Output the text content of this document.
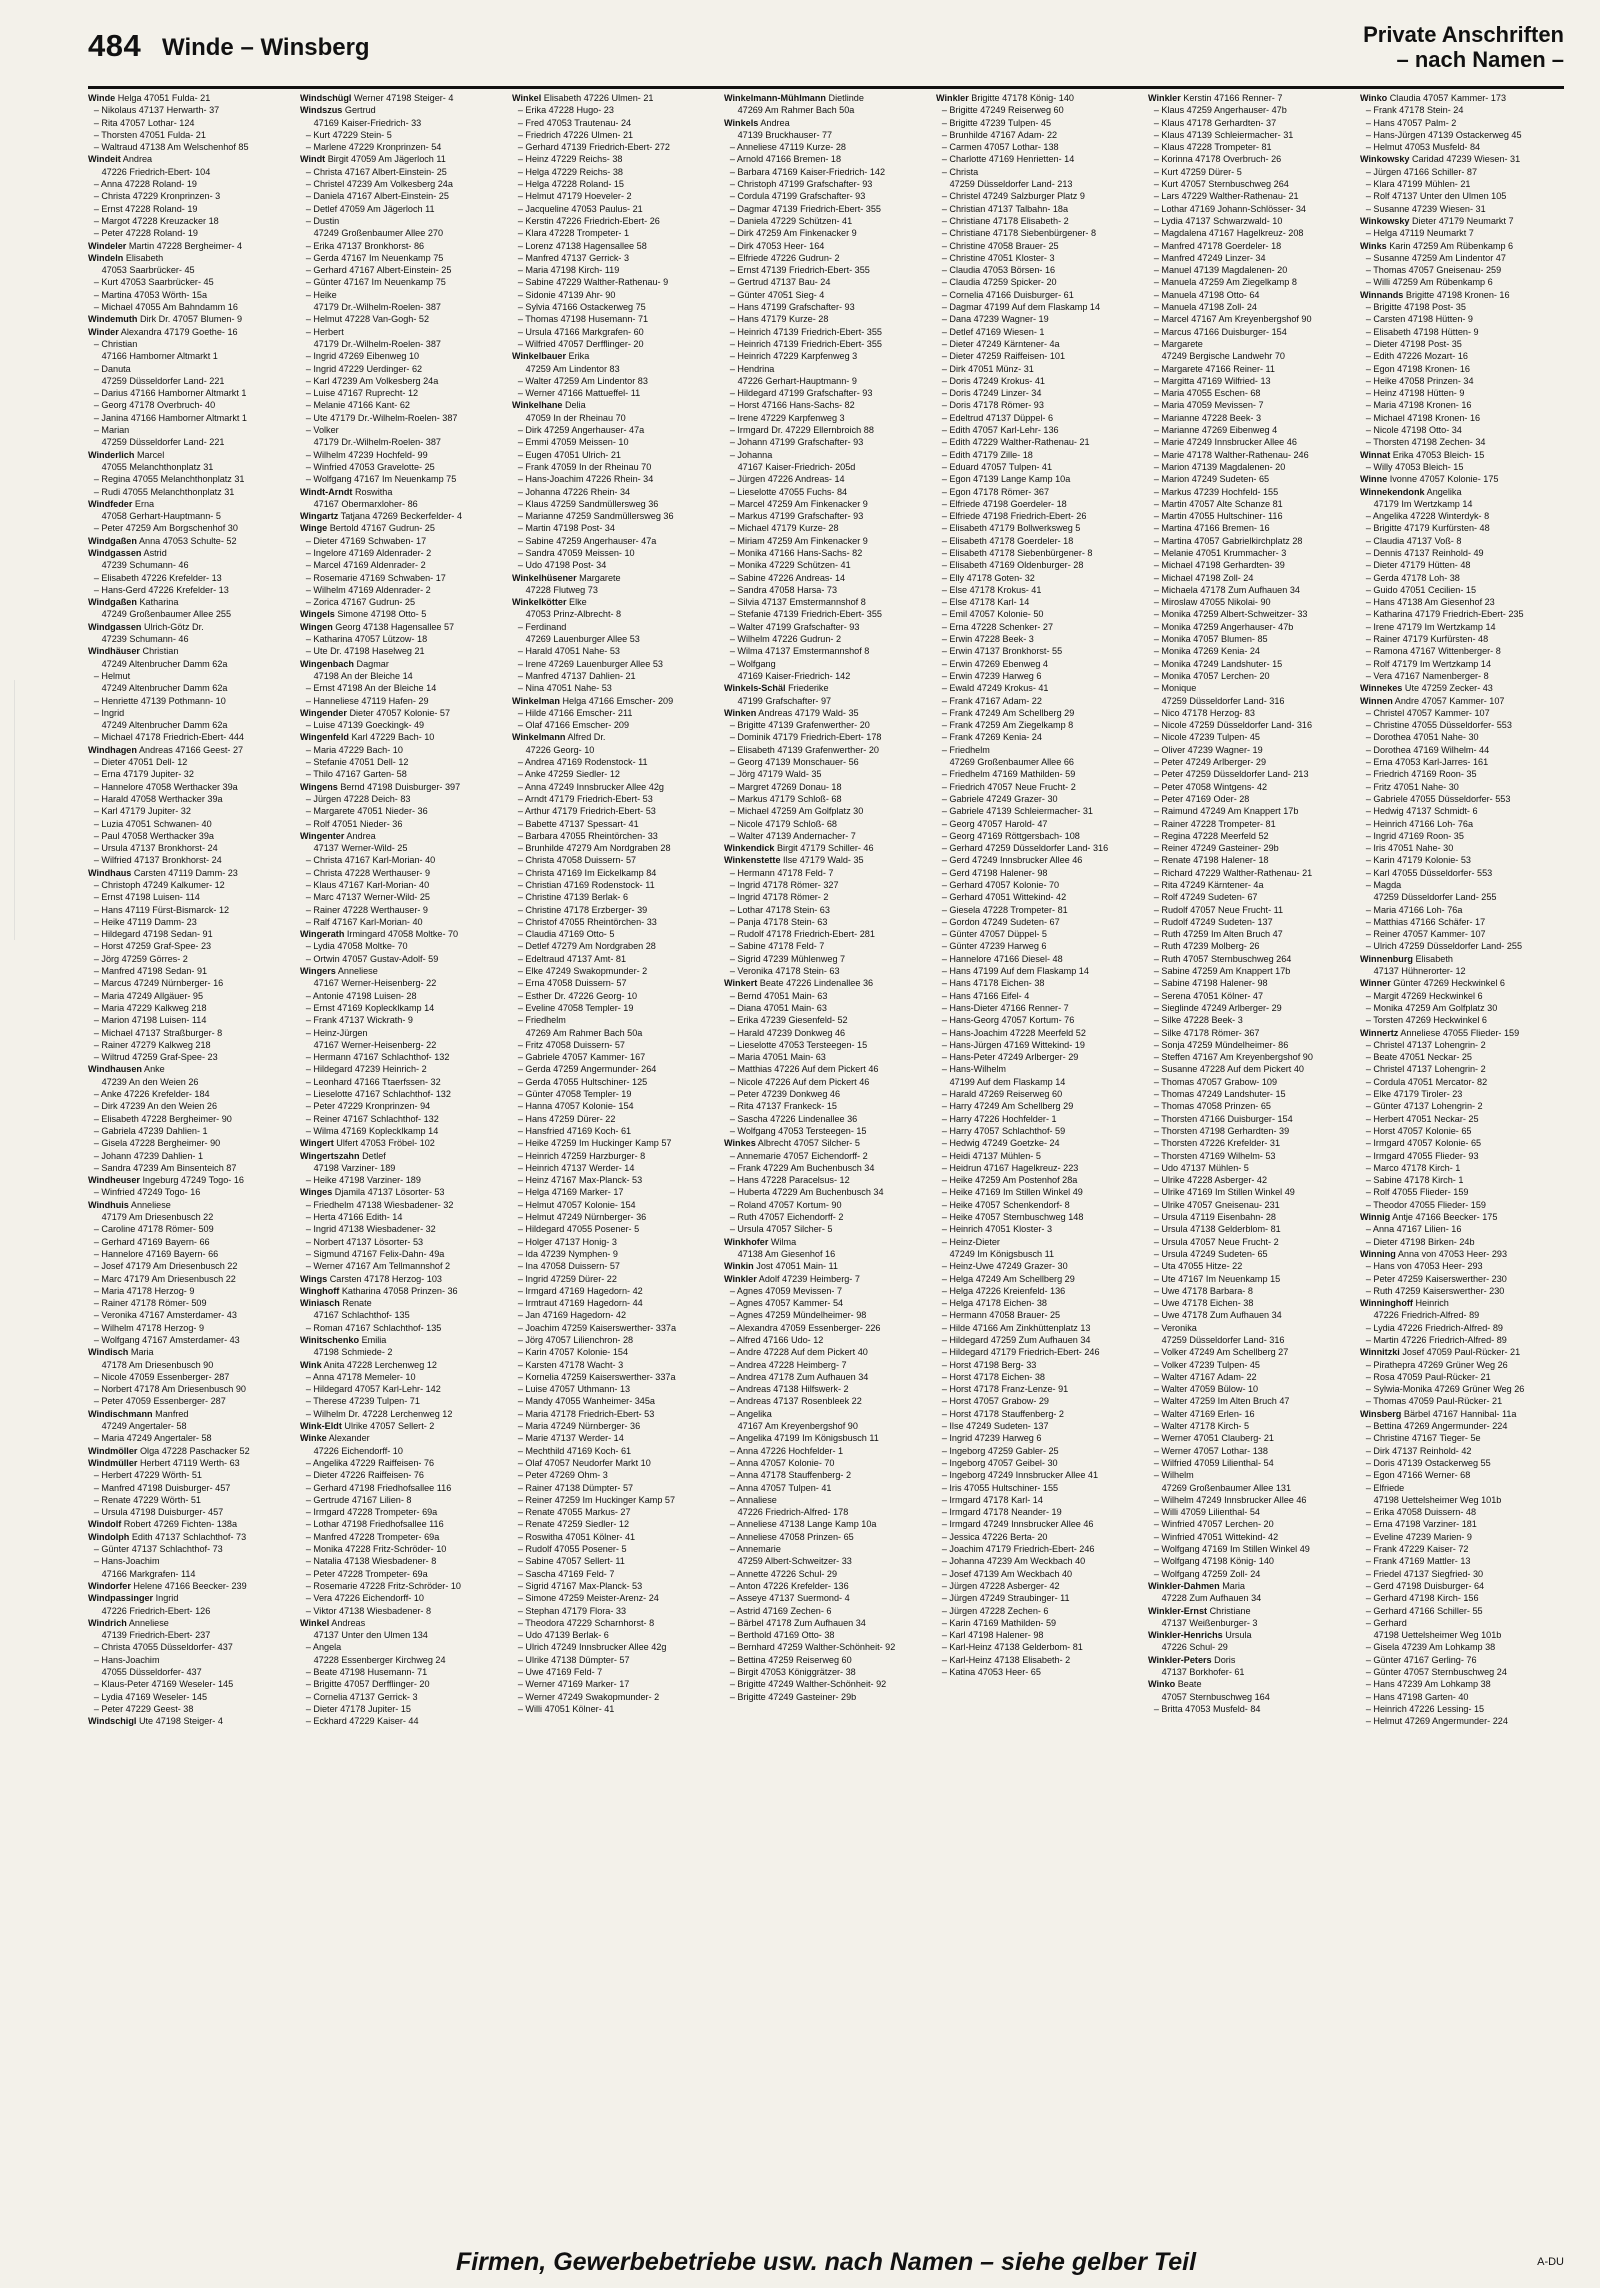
484 Winde – Winsberg	Private Anschriften
– nach Namen –
Winde Helga 47051 Fulda- 21
– Nikolaus 47137 Herwarth- 37
– Rita 47057 Lothar- 124
– Thorsten 47051 Fulda- 21
– Waltraud 47138 Am Welschenhof 85
Windeit Andrea
47226 Friedrich-Ebert- 104
– Anna 47228 Roland- 19
– Christa 47229 Kronprinzen- 3
– Ernst 47228 Roland- 19
– Margot 47228 Kreuzacker 18
– Peter 47228 Roland- 19
Windeler Martin 47228 Bergheimer- 4
Windeln Elisabeth
47053 Saarbrücker- 45
– Kurt 47053 Saarbrücker- 45
– Martina 47053 Wörth- 15a
– Michael 47055 Am Bahndamm 16
Windemuth Dirk Dr. 47057 Blumen- 9
Winder Alexandra 47179 Goethe- 16
– Christian
47166 Hamborner Altmarkt 1
– Danuta
47259 Düsseldorfer Land- 221
– Darius 47166 Hamborner Altmarkt 1
– Georg 47178 Overbruch- 40
– Janina 47166 Hamborner Altmarkt 1
– Marian
47259 Düsseldorfer Land- 221
Winderlich Marcel
47055 Melanchthonplatz 31
– Regina 47055 Melanchthonplatz 31
– Rudi 47055 Melanchthonplatz 31
Windfeder Erna
47058 Gerhart-Hauptmann- 5
– Peter 47259 Am Borgschenhof 30
Windgaßen Anna 47053 Schulte- 52
Windgassen Astrid
47239 Schumann- 46
– Elisabeth 47226 Krefelder- 13
– Hans-Gerd 47226 Krefelder- 13
Windgaßen Katharina
47249 Großenbaumer Allee 255
Windgassen Ulrich-Götz Dr.
47239 Schumann- 46
Windhäuser Christian
47249 Altenbrucher Damm 62a
– Helmut
47249 Altenbrucher Damm 62a
– Henriette 47139 Pothmann- 10
– Ingrid
47249 Altenbrucher Damm 62a
– Michael 47178 Friedrich-Ebert- 444
Windhagen Andreas 47166 Geest- 27
– Dieter 47051 Dell- 12
– Erna 47179 Jupiter- 32
– Hannelore 47058 Werthacker 39a
– Harald 47058 Werthacker 39a
– Karl 47179 Jupiter- 32
– Luzia 47051 Schwanen- 40
– Paul 47058 Werthacker 39a
– Ursula 47137 Bronkhorst- 24
– Wilfried 47137 Bronkhorst- 24
Windhaus Carsten 47119 Damm- 23
– Christoph 47249 Kalkumer- 12
– Ernst 47198 Luisen- 114
– Hans 47119 Fürst-Bismarck- 12
– Heike 47119 Damm- 23
– Hildegard 47198 Sedan- 91
– Horst 47259 Graf-Spee- 23
– Jörg 47259 Görres- 2
– Manfred 47198 Sedan- 91
– Marcus 47249 Nürnberger- 16
– Maria 47249 Allgäuer- 95
– Maria 47229 Kalkweg 218
– Marion 47198 Luisen- 114
– Michael 47137 Straßburger- 8
– Rainer 47279 Kalkweg 218
– Wiltrud 47259 Graf-Spee- 23
Windhausen Anke
47239 An den Weien 26
– Anke 47226 Krefelder- 184
– Dirk 47239 An den Weien 26
– Elisabeth 47228 Bergheimer- 90
– Gabriela 47239 Dahlien- 1
– Gisela 47228 Bergheimer- 90
– Johann 47239 Dahlien- 1
– Sandra 47239 Am Binsenteich 87
Windheuser Ingeburg 47249 Togo- 16
– Winfried 47249 Togo- 16
Windhuis Anneliese
47179 Am Driesenbusch 22
– Caroline 47178 Römer- 509
– Gerhard 47169 Bayern- 66
– Hannelore 47169 Bayern- 66
– Josef 47179 Am Driesenbusch 22
– Marc 47179 Am Driesenbusch 22
– Maria 47178 Herzog- 9
– Rainer 47178 Römer- 509
– Veronika 47167 Amsterdamer- 43
– Wilhelm 47178 Herzog- 9
– Wolfgang 47167 Amsterdamer- 43
Windisch Maria
47178 Am Driesenbusch 90
– Nicole 47059 Essenberger- 287
– Norbert 47178 Am Driesenbusch 90
– Peter 47059 Essenberger- 287
Windischmann Manfred
47249 Angertaler- 58
– Maria 47249 Angertaler- 58
Windmöller Olga 47228 Paschacker 52
Windmüller Herbert 47119 Werth- 63
– Herbert 47229 Wörth- 51
– Manfred 47198 Duisburger- 457
– Renate 47229 Wörth- 51
– Ursula 47198 Duisburger- 457
Windolf Robert 47269 Fichten- 138a
Windolph Edith 47137 Schlachthof- 73
– Günter 47137 Schlachthof- 73
– Hans-Joachim
47166 Markgrafen- 114
Windorfer Helene 47166 Beecker- 239
Windpassinger Ingrid
47226 Friedrich-Ebert- 126
Windrich Anneliese
47139 Friedrich-Ebert- 237
– Christa 47055 Düsseldorfer- 437
– Hans-Joachim
47055 Düsseldorfer- 437
– Klaus-Peter 47169 Weseler- 145
– Lydia 47169 Weseler- 145
– Peter 47229 Geest- 38
Windschigl Ute 47198 Steiger- 4
Windschügl Werner 47198 Steiger- 4
Windszus Gertrud
47169 Kaiser-Friedrich- 33
– Kurt 47229 Stein- 5
– Marlene 47229 Kronprinzen- 54
Windt Birgit 47059 Am Jägerloch 11
– Christa 47167 Albert-Einstein- 25
– Christel 47239 Am Volkesberg 24a
– Daniela 47167 Albert-Einstein- 25
– Detlef 47059 Am Jägerloch 11
– Dustin
47249 Großenbaumer Allee 270
– Erika 47137 Bronkhorst- 86
– Gerda 47167 Im Neuenkamp 75
– Gerhard 47167 Albert-Einstein- 25
– Günter 47167 Im Neuenkamp 75
– Heike
47179 Dr.-Wilhelm-Roelen- 387
– Helmut 47228 Van-Gogh- 52
– Herbert
47179 Dr.-Wilhelm-Roelen- 387
– Ingrid 47269 Eibenweg 10
– Ingrid 47229 Uerdinger- 62
– Karl 47239 Am Volkesberg 24a
– Luise 47167 Ruprecht- 12
– Melanie 47166 Kant- 62
– Ute 47179 Dr.-Wilhelm-Roelen- 387
– Volker
47179 Dr.-Wilhelm-Roelen- 387
– Wilhelm 47239 Hochfeld- 99
– Winfried 47053 Gravelotte- 25
– Wolfgang 47167 Im Neuenkamp 75
Windt-Arndt Roswitha
47167 Obermarxloher- 86
Wingartz Tatjana 47269 Beckerfelder- 4
Winge Bertold 47167 Gudrun- 25
– Dieter 47169 Schwaben- 17
– Ingelore 47169 Aldenrader- 2
– Marcel 47169 Aldenrader- 2
– Rosemarie 47169 Schwaben- 17
– Wilhelm 47169 Aldenrader- 2
– Zorica 47167 Gudrun- 25
Wingels Simone 47198 Otto- 5
Wingen Georg 47138 Hagensallee 57
– Katharina 47057 Lützow- 18
– Ute Dr. 47198 Haselweg 21
Wingenbach Dagmar
47198 An der Bleiche 14
– Ernst 47198 An der Bleiche 14
– Hanneliese 47119 Hafen- 29
Wingender Dieter 47057 Kolonie- 57
– Luise 47139 Goeckingk- 49
Wingenfeld Karl 47229 Bach- 10
– Maria 47229 Bach- 10
– Stefanie 47051 Dell- 12
– Thilo 47167 Garten- 58
Wingens Bernd 47198 Duisburger- 397
– Jürgen 47228 Deich- 83
– Margarete 47051 Nieder- 36
– Rolf 47051 Nieder- 36
Wingenter Andrea
47137 Werner-Wild- 25
– Christa 47167 Karl-Morian- 40
– Christa 47228 Werthauser- 9
– Klaus 47167 Karl-Morian- 40
– Marc 47137 Werner-Wild- 25
– Rainer 47228 Werthauser- 9
– Ralf 47167 Karl-Morian- 40
Wingerath Irmingard 47058 Moltke- 70
– Lydia 47058 Moltke- 70
– Ortwin 47057 Gustav-Adolf- 59
Wingers Anneliese
47167 Werner-Heisenberg- 22
– Antonie 47198 Luisen- 28
– Ernst 47169 Koplecklkamp 14
– Frank 47137 Wickrath- 9
– Heinz-Jürgen
47167 Werner-Heisenberg- 22
– Hermann 47167 Schlachthof- 132
– Hildegard 47239 Heinrich- 2
– Leonhard 47166 Ttaerfssen- 32
– Lieselotte 47167 Schlachthof- 132
– Peter 47229 Kronprinzen- 94
– Reiner 47167 Schlachthof- 132
– Wilma 47169 Koplecklkamp 14
Wingert Ulfert 47053 Fröbel- 102
Wingertszahn Detlef
47198 Varziner- 189
– Heike 47198 Varziner- 189
Winges Djamila 47137 Lösorter- 53
– Friedhelm 47138 Wiesbadener- 32
– Herta 47166 Edith- 14
– Ingrid 47138 Wiesbadener- 32
– Norbert 47137 Lösorter- 53
– Sigmund 47167 Felix-Dahn- 49a
– Werner 47167 Am Tellmannshof 2
Wings Carsten 47178 Herzog- 103
Winghoff Katharina 47058 Prinzen- 36
Winiasch Renate
47167 Schlachthof- 135
– Roman 47167 Schlachthof- 135
Winitschenko Emilia
47198 Schmiede- 2
Wink Anita 47228 Lerchenweg 12
– Anna 47178 Memeler- 10
– Hildegard 47057 Karl-Lehr- 142
– Therese 47239 Tulpen- 71
– Wilhelm Dr. 47228 Lerchenweg 12
Wink-Eldt Ulrike 47057 Sellert- 2
Winke Alexander
47226 Eichendorff- 10
– Angelika 47229 Raiffeisen- 76
– Dieter 47226 Raiffeisen- 76
– Gerhard 47198 Friedhofsallee 116
– Gertrude 47167 Lilien- 8
– Irmgard 47228 Trompeter- 69a
– Lothar 47198 Friedhofsallee 116
– Manfred 47228 Trompeter- 69a
– Monika 47228 Fritz-Schröder- 10
– Natalia 47138 Wiesbadener- 8
– Peter 47228 Trompeter- 69a
– Rosemarie 47228 Fritz-Schröder- 10
– Vera 47226 Eichendorff- 10
– Viktor 47138 Wiesbadener- 8
Winkel Andreas
47137 Unter den Ulmen 134
– Angela
47228 Essenberger Kirchweg 24
– Beate 47198 Husemann- 71
– Brigitte 47057 Derfflinger- 20
– Cornelia 47137 Gerrick- 3
– Dieter 47178 Jupiter- 15
– Eckhard 47229 Kaiser- 44
Winkel Elisabeth 47226 Ulmen- 21
– Erika 47228 Hugo- 23
– Fred 47053 Trautenau- 24
– Friedrich 47226 Ulmen- 21
– Gerhard 47139 Friedrich-Ebert- 272
– Heinz 47229 Reichs- 38
– Helga 47229 Reichs- 38
– Helga 47228 Roland- 15
– Helmut 47179 Hoeveler- 2
– Jacqueline 47053 Paulus- 21
– Kerstin 47226 Friedrich-Ebert- 26
– Klara 47228 Trompeter- 1
– Lorenz 47138 Hagensallee 58
– Manfred 47137 Gerrick- 3
– Maria 47198 Kirch- 119
– Sabine 47229 Walther-Rathenau- 9
– Sidonie 47139 Ahr- 90
– Sylvia 47166 Ostackerweg 75
– Thomas 47198 Husemann- 71
– Ursula 47166 Markgrafen- 60
– Wilfried 47057 Derfflinger- 20
Winkelbauer Erika
47259 Am Lindentor 83
– Walter 47259 Am Lindentor 83
– Werner 47166 Mattueffel- 11
Winkelhane Delia
47059 In der Rheinau 70
– Dirk 47259 Angerhauser- 47a
– Emmi 47059 Meissen- 10
– Eugen 47051 Ulrich- 21
– Frank 47059 In der Rheinau 70
– Hans-Joachim 47226 Rhein- 34
– Johanna 47226 Rhein- 34
– Klaus 47259 Sandmüllersweg 36
– Marianne 47259 Sandmüllersweg 36
– Martin 47198 Post- 34
– Sabine 47259 Angerhauser- 47a
– Sandra 47059 Meissen- 10
– Udo 47198 Post- 34
Winkelhüsener Margarete
47228 Flutweg 73
Winkelkötter Elke
47053 Prinz-Albrecht- 8
– Ferdinand
47269 Lauenburger Allee 53
– Harald 47051 Nahe- 53
– Irene 47269 Lauenburger Allee 53
– Manfred 47137 Dahlien- 21
– Nina 47051 Nahe- 53
Winkelman Helga 47166 Emscher- 209
– Hilde 47166 Emscher- 211
– Olaf 47166 Emscher- 209
Winkelmann Alfred Dr.
47226 Georg- 10
– Andrea 47169 Rodenstock- 11
– Anke 47259 Siedler- 12
– Anna 47249 Innsbrucker Allee 42g
– Arndt 47179 Friedrich-Ebert- 53
– Arthur 47179 Friedrich-Ebert- 53
– Babette 47137 Spessart- 41
– Barbara 47055 Rheintörchen- 33
– Brunhilde 47279 Am Nordgraben 28
– Christa 47058 Duissern- 57
– Christa 47169 Im Eickelkamp 84
– Christian 47169 Rodenstock- 11
– Christine 47139 Berlak- 6
– Christine 47178 Erzberger- 39
– Christof 47055 Rheintörchen- 33
– Claudia 47169 Otto- 5
– Detlef 47279 Am Nordgraben 28
– Edeltraud 47137 Amt- 81
– Elke 47249 Swakopmunder- 2
– Erna 47058 Duissern- 57
– Esther Dr. 47226 Georg- 10
– Eveline 47058 Templer- 19
– Friedhelm
47269 Am Rahmer Bach 50a
– Fritz 47058 Duissern- 57
– Gabriele 47057 Kammer- 167
– Gerda 47259 Angermunder- 264
– Gerda 47055 Hultschiner- 125
– Günter 47058 Templer- 19
– Hanna 47057 Kolonie- 154
– Hans 47259 Dürer- 22
– Hansfried 47169 Koch- 61
– Heike 47259 Im Huckinger Kamp 57
– Heinrich 47259 Harzburger- 8
– Heinrich 47137 Werder- 14
– Heinz 47167 Max-Planck- 53
– Helga 47169 Marker- 17
– Helmut 47057 Kolonie- 154
– Helmut 47249 Nürnberger- 36
– Hildegard 47055 Posener- 5
– Holger 47137 Honig- 3
– Ida 47239 Nymphen- 9
– Ina 47058 Duissern- 57
– Ingrid 47259 Dürer- 22
– Irmgard 47169 Hagedorn- 42
– Irmtraut 47169 Hagedorn- 44
– Jan 47169 Hagedorn- 42
– Joachim 47259 Kaiserswerther- 337a
– Jörg 47057 Lilienchron- 28
– Karin 47057 Kolonie- 154
– Karsten 47178 Wacht- 3
– Kornelia 47259 Kaiserswerther- 337a
– Luise 47057 Uthmann- 13
– Mandy 47055 Wanheimer- 345a
– Maria 47178 Friedrich-Ebert- 53
– Maria 47249 Nürnberger- 36
– Marie 47137 Werder- 14
– Mechthild 47169 Koch- 61
– Olaf 47057 Neudorfer Markt 10
– Peter 47269 Ohm- 3
– Rainer 47138 Dümpter- 57
– Reiner 47259 Im Huckinger Kamp 57
– Renate 47055 Markus- 27
– Renate 47259 Siedler- 12
– Roswitha 47051 Kölner- 41
– Rudolf 47055 Posener- 5
– Sabine 47057 Sellert- 11
– Sascha 47169 Feld- 7
– Sigrid 47167 Max-Planck- 53
– Simone 47259 Meister-Arenz- 24
– Stephan 47179 Flora- 33
– Theodora 47229 Scharnhorst- 8
– Udo 47139 Berlak- 6
– Ulrich 47249 Innsbrucker Allee 42g
– Ulrike 47138 Dümpter- 57
– Uwe 47169 Feld- 7
– Werner 47169 Marker- 17
– Werner 47249 Swakopmunder- 2
– Willi 47051 Kölner- 41
Winkelmann-Mühlmann Dietlinde
47269 Am Rahmer Bach 50a
Winkels Andrea
47139 Bruckhauser- 77
– Anneliese 47119 Kurze- 28
– Arnold 47166 Bremen- 18
– Barbara 47169 Kaiser-Friedrich- 142
– Christoph 47199 Grafschafter- 93
– Cordula 47199 Grafschafter- 93
– Dagmar 47139 Friedrich-Ebert- 355
– Daniela 47229 Schützen- 41
– Dirk 47259 Am Finkenacker 9
– Dirk 47053 Heer- 164
– Elfriede 47226 Gudrun- 2
– Ernst 47139 Friedrich-Ebert- 355
– Gertrud 47137 Bau- 24
– Günter 47051 Sieg- 4
– Hans 47199 Grafschafter- 93
– Hans 47179 Kurze- 28
– Heinrich 47139 Friedrich-Ebert- 355
– Heinrich 47139 Friedrich-Ebert- 355
– Heinrich 47229 Karpfenweg 3
– Hendrina
47226 Gerhart-Hauptmann- 9
– Hildegard 47199 Grafschafter- 93
– Horst 47166 Hans-Sachs- 82
– Irene 47229 Karpfenweg 3
– Irmgard Dr. 47229 Ellernbroich 88
– Johann 47199 Grafschafter- 93
– Johanna
47167 Kaiser-Friedrich- 205d
– Jürgen 47226 Andreas- 14
– Lieselotte 47055 Fuchs- 84
– Marcel 47259 Am Finkenacker 9
– Markus 47199 Grafschafter- 93
– Michael 47179 Kurze- 28
– Miriam 47259 Am Finkenacker 9
– Monika 47166 Hans-Sachs- 82
– Monika 47229 Schützen- 41
– Sabine 47226 Andreas- 14
– Sandra 47058 Harsa- 73
– Silvia 47137 Emstermannshof 8
– Stefanie 47139 Friedrich-Ebert- 355
– Walter 47199 Grafschafter- 93
– Wilhelm 47226 Gudrun- 2
– Wilma 47137 Emstermannshof 8
– Wolfgang
47169 Kaiser-Friedrich- 142
Winkels-Schäl Friederike
47199 Grafschafter- 97
Winken Andreas 47179 Wald- 35
– Brigitte 47139 Grafenwerther- 20
– Dominik 47179 Friedrich-Ebert- 178
– Elisabeth 47139 Grafenwerther- 20
– Georg 47139 Monschauer- 56
– Jörg 47179 Wald- 35
– Margret 47269 Donau- 18
– Markus 47179 Schloß- 68
– Michael 47259 Am Golfplatz 30
– Nicole 47179 Schloß- 68
– Walter 47139 Andernacher- 7
Winkendick Birgit 47179 Schiller- 46
Winkenstette Ilse 47179 Wald- 35
– Hermann 47178 Feld- 7
– Ingrid 47178 Römer- 327
– Ingrid 47178 Römer- 2
– Lothar 47178 Stein- 63
– Panja 47178 Stein- 63
– Rudolf 47178 Friedrich-Ebert- 281
– Sabine 47178 Feld- 7
– Sigrid 47239 Mühlenweg 7
– Veronika 47178 Stein- 63
Winkert Beate 47226 Lindenallee 36
– Bernd 47051 Main- 63
– Diana 47051 Main- 63
– Erika 47239 Giesenfeld- 52
– Harald 47239 Donkweg 46
– Lieselotte 47053 Tersteegen- 15
– Maria 47051 Main- 63
– Matthias 47226 Auf dem Pickert 46
– Nicole 47226 Auf dem Pickert 46
– Peter 47239 Donkweg 46
– Rita 47137 Frankeck- 15
– Sascha 47226 Lindenallee 36
– Wolfgang 47053 Tersteegen- 15
Winkes Albrecht 47057 Silcher- 5
– Annemarie 47057 Eichendorff- 2
– Frank 47229 Am Buchenbusch 34
– Hans 47228 Paracelsus- 12
– Huberta 47229 Am Buchenbusch 34
– Roland 47057 Kortum- 90
– Ruth 47057 Eichendorff- 2
– Ursula 47057 Silcher- 5
Winkhofer Wilma
47138 Am Giesenhof 16
Winkin Jost 47051 Main- 11
Winkler Adolf 47239 Heimberg- 7
– Agnes 47059 Mevissen- 7
– Agnes 47057 Kammer- 54
– Agnes 47259 Mündelheimer- 98
– Alexandra 47059 Essenberger- 226
– Alfred 47166 Udo- 12
– Andre 47228 Auf dem Pickert 40
– Andrea 47228 Heimberg- 7
– Andrea 47178 Zum Aufhauen 34
– Andreas 47138 Hilfswerk- 2
– Andreas 47137 Rosenbleek 22
– Angelika
47167 Am Kreyenbergshof 90
– Angelika 47199 Im Königsbusch 11
– Anna 47226 Hochfelder- 1
– Anna 47057 Kolonie- 70
– Anna 47178 Stauffenberg- 2
– Anna 47057 Tulpen- 41
– Annaliese
47226 Friedrich-Alfred- 178
– Anneliese 47138 Lange Kamp 10a
– Anneliese 47058 Prinzen- 65
– Annemarie
47259 Albert-Schweitzer- 33
– Annette 47226 Schul- 29
– Anton 47226 Krefelder- 136
– Asseye 47137 Suermond- 4
– Astrid 47169 Zechen- 6
– Bärbel 47178 Zum Aufhauen 34
– Berthold 47169 Otto- 38
– Bernhard 47259 Walther-Schönheit- 92
– Bettina 47259 Reiserweg 60
– Birgit 47053 Königgrätzer- 38
– Brigitte 47249 Walther-Schönheit- 92
– Brigitte 47249 Gasteiner- 29b
Winkler Brigitte 47178 König- 140
– Brigitte 47249 Reiserweg 60
– Brigitte 47239 Tulpen- 45
– Brunhilde 47167 Adam- 22
– Carmen 47057 Lothar- 138
– Charlotte 47169 Henrietten- 14
– Christa
47259 Düsseldorfer Land- 213
– Christel 47249 Salzburger Platz 9
– Christian 47137 Talbahn- 18a
– Christiane 47178 Elisabeth- 2
– Christiane 47178 Siebenbürgener- 8
– Christine 47058 Brauer- 25
– Christine 47051 Kloster- 3
– Claudia 47053 Börsen- 16
– Claudia 47259 Spicker- 20
– Cornelia 47166 Duisburger- 61
– Dagmar 47199 Auf dem Flaskamp 14
– Dana 47239 Wagner- 19
– Detlef 47169 Wiesen- 1
– Dieter 47249 Kärntener- 4a
– Dieter 47259 Raiffeisen- 101
– Dirk 47051 Münz- 31
– Doris 47249 Krokus- 41
– Doris 47249 Linzer- 34
– Doris 47178 Römer- 93
– Edeltrud 47137 Düppel- 6
– Edith 47057 Karl-Lehr- 136
– Edith 47229 Walther-Rathenau- 21
– Edith 47179 Zille- 18
– Eduard 47057 Tulpen- 41
– Egon 47139 Lange Kamp 10a
– Egon 47178 Römer- 367
– Elfriede 47198 Goerdeler- 18
– Elfriede 47198 Friedrich-Ebert- 26
– Elisabeth 47179 Bollwerksweg 5
– Elisabeth 47178 Goerdeler- 18
– Elisabeth 47178 Siebenbürgener- 8
– Elisabeth 47169 Oldenburger- 28
– Elly 47178 Goten- 32
– Else 47178 Krokus- 41
– Else 47178 Karl- 14
– Emil 47057 Kolonie- 50
– Erna 47228 Schenker- 27
– Erwin 47228 Beek- 3
– Erwin 47137 Bronkhorst- 55
– Erwin 47269 Ebenweg 4
– Erwin 47239 Harweg 6
– Ewald 47249 Krokus- 41
– Frank 47167 Adam- 22
– Frank 47249 Am Schellberg 29
– Frank 47259 Am Ziegelkamp 8
– Frank 47269 Kenia- 24
– Friedhelm
47269 Großenbaumer Allee 66
– Friedhelm 47169 Mathilden- 59
– Friedrich 47057 Neue Frucht- 2
– Gabriele 47249 Grazer- 30
– Gabriele 47139 Schleiermacher- 31
– Georg 47057 Harold- 47
– Georg 47169 Röttgersbach- 108
– Gerhard 47259 Düsseldorfer Land- 316
– Gerd 47249 Innsbrucker Allee 46
– Gerd 47198 Halener- 98
– Gerhard 47057 Kolonie- 70
– Gerhard 47051 Wittekind- 42
– Giesela 47228 Trompeter- 81
– Gordon 47249 Sudeten- 67
– Günter 47057 Düppel- 5
– Günter 47239 Harweg 6
– Hannelore 47166 Diesel- 48
– Hans 47199 Auf dem Flaskamp 14
– Hans 47178 Eichen- 38
– Hans 47166 Eifel- 4
– Hans-Dieter 47166 Renner- 7
– Hans-Georg 47057 Kortum- 76
– Hans-Joachim 47228 Meerfeld 52
– Hans-Jürgen 47169 Wittekind- 19
– Hans-Peter 47249 Arlberger- 29
– Hans-Wilhelm
47199 Auf dem Flaskamp 14
– Harald 47269 Reiserweg 60
– Harry 47249 Am Schellberg 29
– Harry 47226 Hochfelder- 1
– Harry 47057 Schlachthof- 59
– Hedwig 47249 Goetzke- 24
– Heidi 47137 Mühlen- 5
– Heidrun 47167 Hagelkreuz- 223
– Heike 47259 Am Postenhof 28a
– Heike 47169 Im Stillen Winkel 49
– Heike 47057 Schenkendorf- 8
– Heike 47057 Sternbuschweg 148
– Heinrich 47051 Kloster- 3
– Heinz-Dieter
47249 Im Königsbusch 11
– Heinz-Uwe 47249 Grazer- 30
– Helga 47249 Am Schellberg 29
– Helga 47226 Kreienfeld- 136
– Helga 47178 Eichen- 38
– Hermann 47058 Brauer- 25
– Hilde 47166 Am Zinkhüttenplatz 13
– Hildegard 47259 Zum Aufhauen 34
– Hildegard 47179 Friedrich-Ebert- 246
– Horst 47198 Berg- 33
– Horst 47178 Eichen- 38
– Horst 47178 Franz-Lenze- 91
– Horst 47057 Grabow- 29
– Horst 47178 Stauffenberg- 2
– Ilse 47249 Sudeten- 137
– Ingrid 47239 Harweg 6
– Ingeborg 47259 Gabler- 25
– Ingeborg 47057 Geibel- 30
– Ingeborg 47249 Innsbrucker Allee 41
– Iris 47055 Hultschiner- 155
– Irmgard 47178 Karl- 14
– Irmgard 47178 Neander- 19
– Irmgard 47249 Innsbrucker Allee 46
– Jessica 47226 Berta- 20
– Joachim 47179 Friedrich-Ebert- 246
– Johanna 47239 Am Weckbach 40
– Josef 47139 Am Weckbach 40
– Jürgen 47228 Asberger- 42
– Jürgen 47249 Straubinger- 11
– Jürgen 47228 Zechen- 6
– Karin 47169 Mathilden- 59
– Karl 47198 Halener- 98
– Karl-Heinz 47138 Gelderbom- 81
– Karl-Heinz 47138 Elisabeth- 2
– Katina 47053 Heer- 65
Winkler Kerstin 47166 Renner- 7
– Klaus 47259 Angerhauser- 47b
– Klaus 47178 Gerhardten- 37
– Klaus 47139 Schleiermacher- 31
– Klaus 47228 Trompeter- 81
– Korinna 47178 Overbruch- 26
– Kurt 47259 Dürer- 5
– Kurt 47057 Sternbuschweg 264
– Lars 47229 Walther-Rathenau- 21
– Lothar 47169 Johann-Schlösser- 34
– Lydia 47137 Schwarzwald- 10
– Magdalena 47167 Hagelkreuz- 208
– Manfred 47178 Goerdeler- 18
– Manfred 47249 Linzer- 34
– Manuel 47139 Magdalenen- 20
– Manuela 47259 Am Ziegelkamp 8
– Manuela 47198 Otto- 64
– Manuela 47198 Zoll- 24
– Marcel 47167 Am Kreyenbergshof 90
– Marcus 47166 Duisburger- 154
– Margarete
47249 Bergische Landwehr 70
– Margarete 47166 Reiner- 11
– Margitta 47169 Wilfried- 13
– Maria 47055 Eschen- 68
– Maria 47059 Mevissen- 7
– Marianne 47228 Beek- 3
– Marianne 47269 Eibenweg 4
– Marie 47249 Innsbrucker Allee 46
– Marie 47178 Walther-Rathenau- 246
– Marion 47139 Magdalenen- 20
– Marion 47249 Sudeten- 65
– Markus 47239 Hochfeld- 155
– Martin 47057 Alte Schanze 81
– Martin 47055 Hultschiner- 116
– Martina 47166 Bremen- 16
– Martina 47057 Gabrielkirchplatz 28
– Melanie 47051 Krummacher- 3
– Michael 47198 Gerhardten- 39
– Michael 47198 Zoll- 24
– Michaela 47178 Zum Aufhauen 34
– Miroslaw 47055 Nikolai- 90
– Monika 47259 Albert-Schweitzer- 33
– Monika 47259 Angerhauser- 47b
– Monika 47057 Blumen- 85
– Monika 47269 Kenia- 24
– Monika 47249 Landshuter- 15
– Monika 47057 Lerchen- 20
– Monique
47259 Düsseldorfer Land- 316
– Nico 47178 Herzog- 83
– Nicole 47259 Düsseldorfer Land- 316
– Nicole 47239 Tulpen- 45
– Oliver 47239 Wagner- 19
– Peter 47249 Arlberger- 29
– Peter 47259 Düsseldorfer Land- 213
– Peter 47058 Wintgens- 42
– Peter 47169 Oder- 28
– Raimund 47249 Am Knappert 17b
– Rainer 47228 Trompeter- 81
– Regina 47228 Meerfeld 52
– Reiner 47249 Gasteiner- 29b
– Renate 47198 Halener- 18
– Richard 47229 Walther-Rathenau- 21
– Rita 47249 Kärntener- 4a
– Rolf 47249 Sudeten- 67
– Rudolf 47057 Neue Frucht- 11
– Rudolf 47249 Sudeten- 137
– Ruth 47259 Im Alten Bruch 47
– Ruth 47239 Molberg- 26
– Ruth 47057 Sternbuschweg 264
– Sabine 47259 Am Knappert 17b
– Sabine 47198 Halener- 98
– Serena 47051 Kölner- 47
– Sieglinde 47249 Arlberger- 29
– Silke 47228 Beek- 3
– Silke 47178 Römer- 367
– Sonja 47259 Mündelheimer- 86
– Steffen 47167 Am Kreyenbergshof 90
– Susanne 47228 Auf dem Pickert 40
– Thomas 47057 Grabow- 109
– Thomas 47249 Landshuter- 15
– Thomas 47058 Prinzen- 65
– Thorsten 47166 Duisburger- 154
– Thorsten 47198 Gerhardten- 39
– Thorsten 47226 Krefelder- 31
– Thorsten 47169 Wilhelm- 53
– Udo 47137 Mühlen- 5
– Ulrike 47228 Asberger- 42
– Ulrike 47169 Im Stillen Winkel 49
– Ulrike 47057 Gneisenau- 231
– Ursula 47119 Eisenbahn- 28
– Ursula 47138 Gelderblom- 81
– Ursula 47057 Neue Frucht- 2
– Ursula 47249 Sudeten- 65
– Uta 47055 Hitze- 22
– Ute 47167 Im Neuenkamp 15
– Uwe 47178 Barbara- 8
– Uwe 47178 Eichen- 38
– Uwe 47178 Zum Aufhauen 34
– Veronika
47259 Düsseldorfer Land- 316
– Volker 47249 Am Schellberg 27
– Volker 47239 Tulpen- 45
– Walter 47167 Adam- 22
– Walter 47059 Bülow- 10
– Walter 47259 Im Alten Bruch 47
– Walter 47169 Erlen- 16
– Walter 47178 Kirch- 5
– Werner 47051 Clauberg- 21
– Werner 47057 Lothar- 138
– Wilfried 47059 Lilienthal- 54
– Wilhelm
47269 Großenbaumer Allee 131
– Wilhelm 47249 Innsbrucker Allee 46
– Willi 47059 Lilienthal- 54
– Winfried 47057 Lerchen- 20
– Winfried 47051 Wittekind- 42
– Wolfgang 47169 Im Stillen Winkel 49
– Wolfgang 47198 König- 140
– Wolfgang 47259 Zoll- 24
Winkler-Dahmen Maria
47228 Zum Aufhauen 34
Winkler-Ernst Christiane
47137 Weißenburger- 3
Winkler-Henrichs Ursula
47226 Schul- 29
Winkler-Peters Doris
47137 Borkhofer- 61
Winko Beate
47057 Sternbuschweg 164
– Britta 47053 Musfeld- 84
Winko Claudia 47057 Kammer- 173
– Frank 47178 Stein- 24
– Hans 47057 Palm- 2
– Hans-Jürgen 47139 Ostackerweg 45
– Helmut 47053 Musfeld- 84
Winkowsky Caridad 47239 Wiesen- 31
– Jürgen 47166 Schiller- 87
– Klara 47199 Mühlen- 21
– Rolf 47137 Unter den Ulmen 105
– Susanne 47239 Wiesen- 31
Winkowsky Dieter 47179 Neumarkt 7
– Helga 47119 Neumarkt 7
Winks Karin 47259 Am Rübenkamp 6
– Susanne 47259 Am Lindentor 47
– Thomas 47057 Gneisenau- 259
– Willi 47259 Am Rübenkamp 6
Winnands Brigitte 47198 Kronen- 16
– Brigitte 47198 Post- 35
– Carsten 47198 Hütten- 9
– Elisabeth 47198 Hütten- 9
– Dieter 47198 Post- 35
– Edith 47226 Mozart- 16
– Egon 47198 Kronen- 16
– Heike 47058 Prinzen- 34
– Heinz 47198 Hütten- 9
– Maria 47198 Kronen- 16
– Michael 47198 Kronen- 16
– Nicole 47198 Otto- 34
– Thorsten 47198 Zechen- 34
Winnat Erika 47053 Bleich- 15
– Willy 47053 Bleich- 15
Winne Ivonne 47057 Kolonie- 175
Winnekendonk Angelika
47179 Im Wertzkamp 14
– Angelika 47228 Winterdyk- 8
– Brigitte 47179 Kurfürsten- 48
– Claudia 47137 Voß- 8
– Dennis 47137 Reinhold- 49
– Dieter 47179 Hütten- 48
– Gerda 47178 Loh- 38
– Guido 47051 Cecilien- 15
– Hans 47138 Am Giesenhof 23
– Katharina 47179 Friedrich-Ebert- 235
– Irene 47179 Im Wertzkamp 14
– Rainer 47179 Kurfürsten- 48
– Ramona 47167 Wittenberger- 8
– Rolf 47179 Im Wertzkamp 14
– Vera 47167 Namenberger- 8
Winnekes Ute 47259 Zecker- 43
Winnen Andre 47057 Kammer- 107
– Christel 47057 Kammer- 107
– Christine 47055 Düsseldorfer- 553
– Dorothea 47051 Nahe- 30
– Dorothea 47169 Wilhelm- 44
– Erna 47053 Karl-Jarres- 161
– Friedrich 47169 Roon- 35
– Fritz 47051 Nahe- 30
– Gabriele 47055 Düsseldorfer- 553
– Hedwig 47137 Schmidt- 6
– Heinrich 47166 Loh- 76a
– Ingrid 47169 Roon- 35
– Iris 47051 Nahe- 30
– Karin 47179 Kolonie- 53
– Karl 47055 Düsseldorfer- 553
– Magda
47259 Düsseldorfer Land- 255
– Maria 47166 Loh- 76a
– Matthias 47166 Schäfer- 17
– Reiner 47057 Kammer- 107
– Ulrich 47259 Düsseldorfer Land- 255
Winnenburg Elisabeth
47137 Hühnerorter- 12
Winner Günter 47269 Heckwinkel 6
– Margit 47269 Heckwinkel 6
– Monika 47259 Am Golfplatz 30
– Torsten 47269 Heckwinkel 6
Winnertz Anneliese 47055 Flieder- 159
– Christel 47137 Lohengrin- 2
– Beate 47051 Neckar- 25
– Christel 47137 Lohengrin- 2
– Cordula 47051 Mercator- 82
– Elke 47179 Tiroler- 23
– Günter 47137 Lohengrin- 2
– Herbert 47051 Neckar- 25
– Horst 47057 Kolonie- 65
– Irmgard 47057 Kolonie- 65
– Irmgard 47055 Flieder- 93
– Marco 47178 Kirch- 1
– Sabine 47178 Kirch- 1
– Rolf 47055 Flieder- 159
– Theodor 47055 Flieder- 159
Winnig Antje 47166 Beecker- 175
– Anna 47167 Lilien- 16
– Dieter 47198 Birken- 24b
Winning Anna von 47053 Heer- 293
– Hans von 47053 Heer- 293
– Peter 47259 Kaiserswerther- 230
– Ruth 47259 Kaiserswerther- 230
Winninghoff Heinrich
47226 Friedrich-Alfred- 89
– Lydia 47226 Friedrich-Alfred- 89
– Martin 47226 Friedrich-Alfred- 89
Winnitzki Josef 47059 Paul-Rücker- 21
– Pirathepra 47269 Grüner Weg 26
– Rosa 47059 Paul-Rücker- 21
– Sylwia-Monika 47269 Grüner Weg 26
– Thomas 47059 Paul-Rücker- 21
Winsberg Bärbel 47167 Hannibal- 11a
– Bettina 47269 Angermunder- 224
– Christine 47167 Tieger- 5e
– Dirk 47137 Reinhold- 42
– Doris 47139 Ostackerweg 55
– Egon 47166 Werner- 68
– Elfriede
47198 Uettelsheimer Weg 101b
– Erika 47058 Duissern- 48
– Erna 47198 Varziner- 181
– Eveline 47239 Marien- 9
– Frank 47229 Kaiser- 72
– Frank 47169 Mattler- 13
– Friedel 47137 Siegfried- 30
– Gerd 47198 Duisburger- 64
– Gerhard 47198 Kirch- 156
– Gerhard 47166 Schiller- 55
– Gerhard
47198 Uettelsheimer Weg 101b
– Gisela 47239 Am Lohkamp 38
– Günter 47167 Gerling- 76
– Günter 47057 Sternbuschweg 24
– Hans 47239 Am Lohkamp 38
– Hans 47198 Garten- 40
– Heinrich 47226 Lessing- 15
– Helmut 47269 Angermunder- 224
Firmen, Gewerbebetriebe usw. nach Namen – siehe gelber Teil	A-DU
